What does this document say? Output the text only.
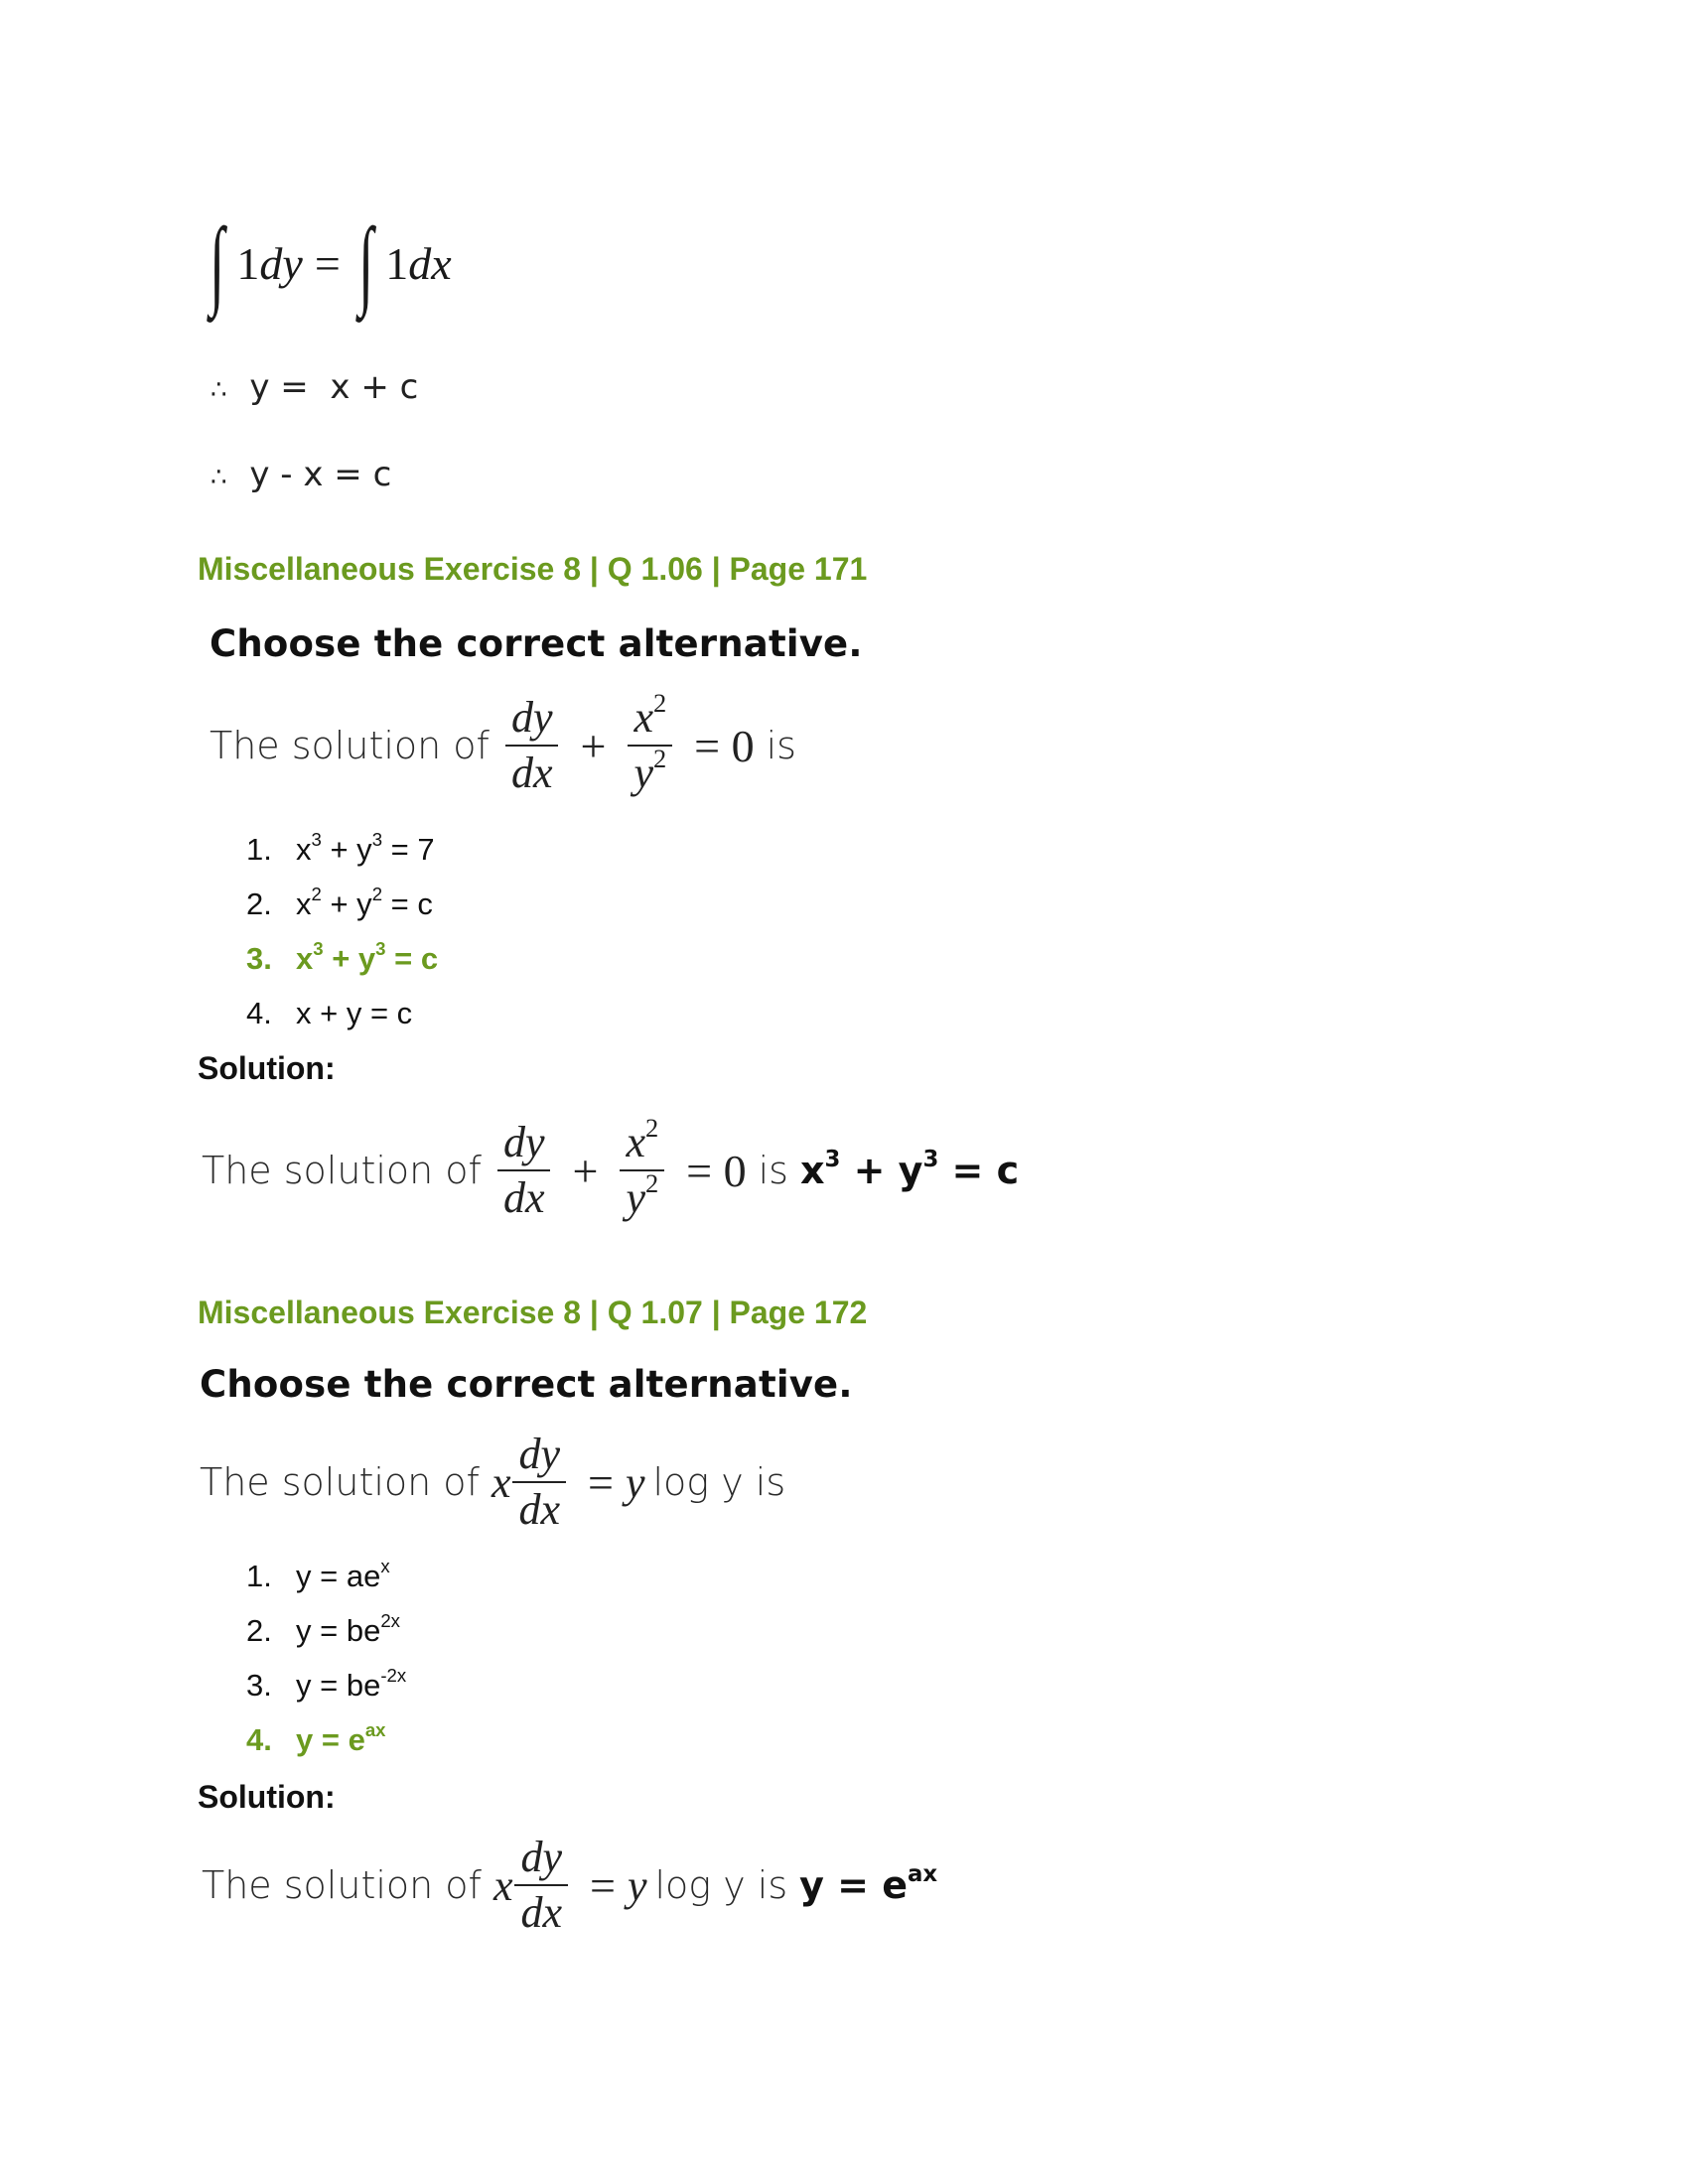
∫ 1 dy = ∫ 1 dx
∴ y =  x + c
∴ y - x = c
Miscellaneous Exercise 8 | Q 1.06 | Page 171
Choose the correct alternative.
The solution of $\frac{dy}{dx} + \frac{x^2}{y^2} = 0$ is
1. $x^3 + y^3 = 7$
2. $x^2 + y^2 = c$
3. $x^3 + y^3 = c$
4. x + y = c
Solution:
The solution of $\frac{dy}{dx} + \frac{x^2}{y^2} = 0$ is $x^3 + y^3 = c$
Miscellaneous Exercise 8 | Q 1.07 | Page 172
Choose the correct alternative.
The solution of x $\frac{dy}{dx} = y$ log y is
1. $y = ae^x$
2. $y = be^{2x}$
3. $y = be^{-2x}$
4. $y = e^{ax}$
Solution:
The solution of x $\frac{dy}{dx} = y$ log y is $y = e^{ax}$
